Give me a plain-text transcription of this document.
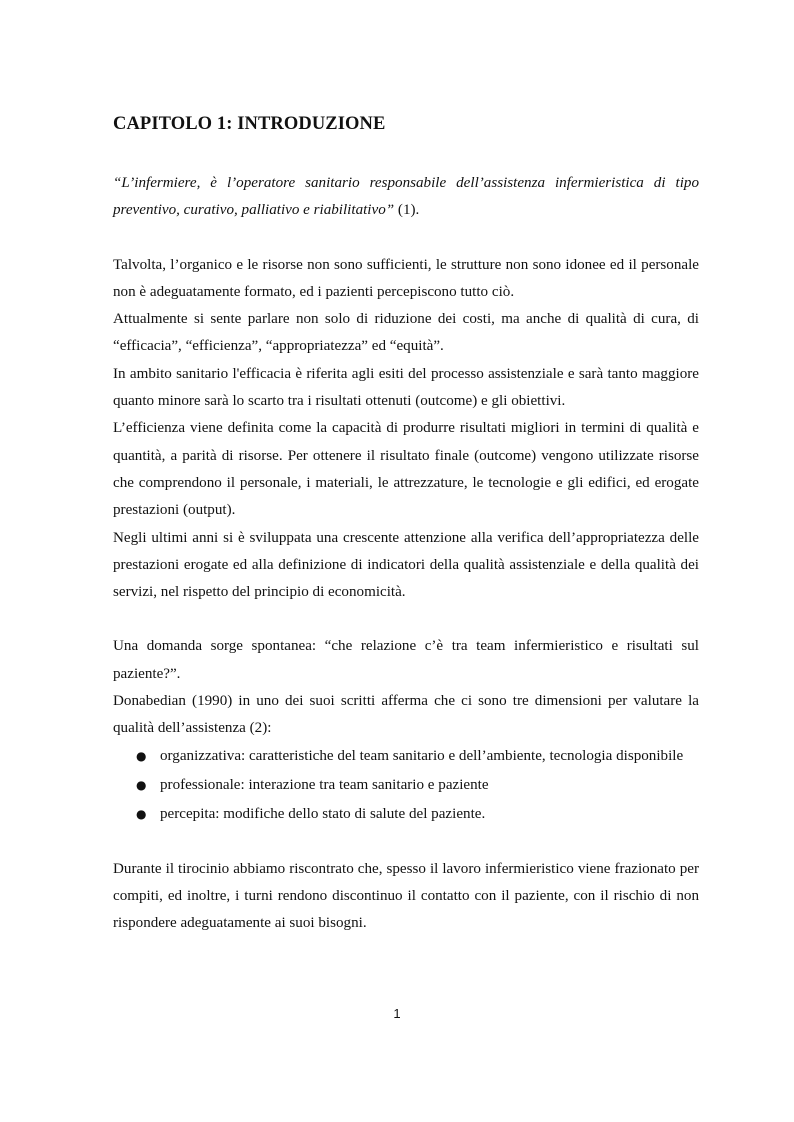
CAPITOLO 1: INTRODUZIONE

“L’infermiere, è l’operatore sanitario responsabile dell’assistenza infermieristica di tipo preventivo, curativo, palliativo e riabilitativo” (1).

Talvolta, l’organico e le risorse non sono sufficienti, le strutture non sono idonee ed il personale non è adeguatamente formato, ed i pazienti percepiscono tutto ciò.

Attualmente si sente parlare non solo di riduzione dei costi, ma anche di qualità di cura, di “efficacia”, “efficienza”, “appropriatezza” ed “equità”.

In ambito sanitario l'efficacia è riferita agli esiti del processo assistenziale e sarà tanto maggiore quanto minore sarà lo scarto tra i risultati ottenuti (outcome) e gli obiettivi.

L’efficienza viene definita come la capacità di produrre risultati migliori in termini di qualità e quantità, a parità di risorse. Per ottenere il risultato finale (outcome) vengono utilizzate risorse che comprendono il personale, i materiali, le attrezzature, le tecnologie e gli edifici, ed erogate prestazioni (output).

Negli ultimi anni si è sviluppata una crescente attenzione alla verifica dell’appropriatezza delle prestazioni erogate ed alla definizione di indicatori della qualità assistenziale e della qualità dei servizi, nel rispetto del principio di economicità.

Una domanda sorge spontanea: “che relazione c’è tra team infermieristico e risultati sul paziente?”.

Donabedian (1990) in uno dei suoi scritti afferma che ci sono tre dimensioni per valutare la qualità dell’assistenza (2):

● organizzativa: caratteristiche del team sanitario e dell’ambiente, tecnologia disponibile
● professionale: interazione tra team sanitario e paziente
● percepita: modifiche dello stato di salute del paziente.

Durante il tirocinio abbiamo riscontrato che, spesso il lavoro infermieristico viene frazionato per compiti, ed inoltre, i turni rendono discontinuo il contatto con il paziente, con il rischio di non rispondere adeguatamente ai suoi bisogni.

1
